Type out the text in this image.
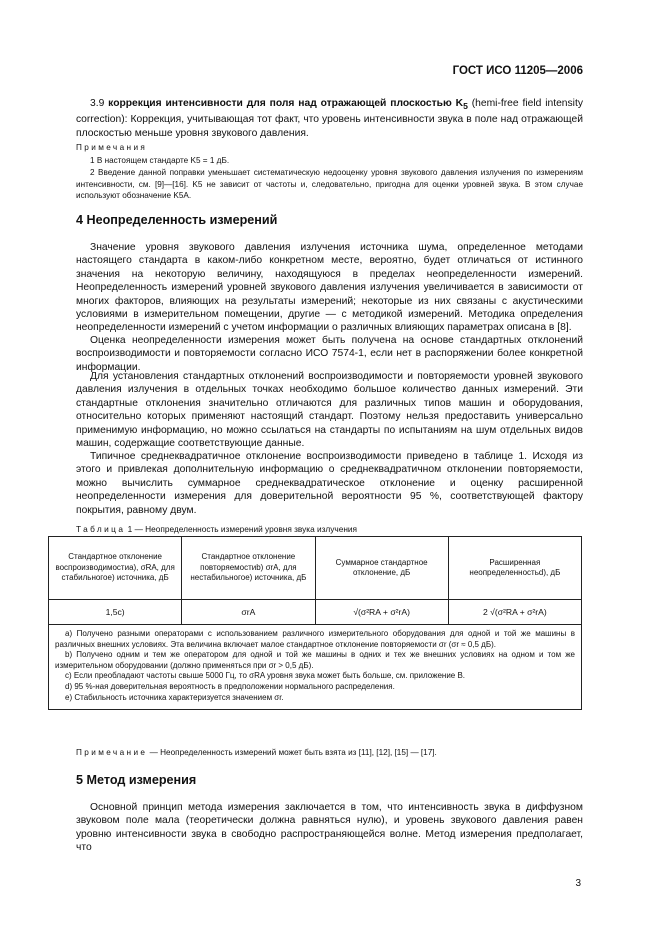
ГОСТ ИСО 11205—2006

3.9 коррекция интенсивности для поля над отражающей плоскостью $K_5$ (hemi-free field intensity correction): Коррекция, учитывающая тот факт, что уровень интенсивности звука в поле над отражающей плоскостью меньше уровня звукового давления.

Примечания

1 В настоящем стандарте K5 = 1 дБ.

2 Введение данной поправки уменьшает систематическую недооценку уровня звукового давления излучения по измерениям интенсивности, см. [9]—[16]. K5 не зависит от частоты и, следовательно, пригодна для оценки уровней звука. В этом случае используют обозначение K5A.

4 Неопределенность измерений

Значение уровня звукового давления излучения источника шума, определенное методами настоящего стандарта в каком-либо конкретном месте, вероятно, будет отличаться от истинного значения на некоторую величину, находящуюся в пределах неопределенности измерений. Неопределенность измерений уровней звукового давления излучения увеличивается в зависимости от многих факторов, влияющих на результаты измерений; некоторые из них связаны с акустическими условиями в измерительном помещении, другие — с методикой измерений. Методика определения неопределенности измерений с учетом информации о различных влияющих параметрах описана в [8].

Оценка неопределенности измерения может быть получена на основе стандартных отклонений воспроизводимости и повторяемости согласно ИСО 7574-1, если нет в распоряжении более конкретной информации.

Для установления стандартных отклонений воспроизводимости и повторяемости уровней звукового давления излучения в отдельных точках необходимо большое количество данных измерений. Эти стандартные отклонения значительно отличаются для различных типов машин и оборудования, относительно которых применяют настоящий стандарт. Поэтому нельзя предоставить универсально применимую информацию, но можно ссылаться на стандарты по испытаниям на шум отдельных видов машин, содержащие соответствующие данные.

Типичное среднеквадратичное отклонение воспроизводимости приведено в таблице 1. Исходя из этого и привлекая дополнительную информацию о среднеквадратичном отклонении повторяемости, можно вычислить суммарное среднеквадратическое отклонение и оценку расширенной неопределенности измерения для доверительной вероятности 95 %, соответствующей фактору покрытия, равному двум.

Таблица 1 — Неопределенность измерений уровня звука излучения
Стандартное отклонение воспроизводимостиa), σRA, для стабильногоe) источника, дБ	Стандартное отклонение повторяемостиb) σrA, для нестабильногоe) источника, дБ	Суммарное стандартное отклонение, дБ	Расширенная неопределенностьd), дБ
1,5c)	σrA	√(σ²RA + σ²rA)	2 √(σ²RA + σ²rA)

a) Получено разными операторами с использованием различного измерительного оборудования для одной и той же машины в различных внешних условиях. Эта величина включает малое стандартное отклонение повторяемости σr (σr ≈ 0,5 дБ).

b) Получено одним и тем же оператором для одной и той же машины в одних и тех же внешних условиях на одном и том же измерительном оборудовании (должно применяться при σr > 0,5 дБ).

c) Если преобладают частоты свыше 5000 Гц, то σRA уровня звука может быть больше, см. приложение В.

d) 95 %-ная доверительная вероятность в предположении нормального распределения.

e) Стабильность источника характеризуется значением σr.			

Примечание — Неопределенность измерений может быть взята из [11], [12], [15] — [17].
5 Метод измерения

Основной принцип метода измерения заключается в том, что интенсивность звука в диффузном звуковом поле мала (теоретически должна равняться нулю), и уровень звукового давления равен уровню интенсивности звука в свободно распространяющейся волне. Метод измерения предполагает, что

3
